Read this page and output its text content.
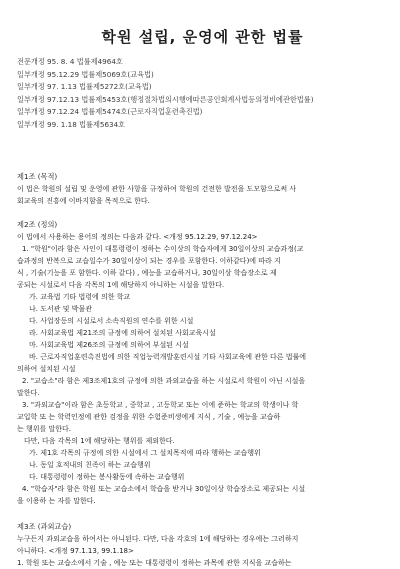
학원 설립, 운영에 관한 법률
전문개정 95. 8. 4 법률제4964호
일부개정 95.12.29 법률제5069호(교육법)
일부개정 97. 1.13 법률제5272호(교육법)
일부개정 97.12.13 법률제5453호(행정절차법의시행에따른공인회계사법등의정비에관한법률)
일부개정 97.12.24 법률제5474호(근로자직업훈련촉진법)
일부개정 99. 1.18 법률제5634호

제1조 (목적)

이 법은 학원의 설립 및 운영에 관한 사항을 규정하여 학원의 건전한 발전을 도모함으로써 사

회교육의 진흥에 이바지함을 목적으로 한다.

제2조 (정의)

이 법에서 사용하는 용어의 정의는 다음과 같다. <개정 95.12.29, 97.12.24>

1. "학원"이라 함은 사인이 대통령령이 정하는 수이상의 학습자에게 30일이상의 교습과정(교

습과정의 반복으로 교습일수가 30일이상이 되는 경우를 포함한다. 이하같다)에 따라 지

식 , 기술(기능을 포 함한다. 이하 같다) , 예능을 교습하거나, 30일이상 학습장소로 제

공되는 시설로서 다음 각목의 1에 해당하지 아니하는 시설을 말한다.

가. 교육법 기타 법령에 의한 학교

나. 도서관 및 박물관

다. 사업장등의 시설로서 소속직원의 연수를 위한 시설

라. 사회교육법 제21조의 규정에 의하여 설치된 사회교육시설

마. 사회교육법 제26조의 규정에 의하여 부설된 시설

바. 근로자직업훈련촉진법에 의한 직업능력개발훈련시설 기타 사회교육에 관한 다른 법률에

의하여 설치된 시설

2. "교습소"라 함은 제3조제1호의 규정에 의한 과외교습을 하는 시설로서 학원이 아닌 시설을

말한다.

3. "과외교습"이라 함은 초등학교 , 중학교 , 고등학교 또는 이에 준하는 학교의 학생이나 학

교입학 또 는 학력인정에 관한 검정을 위한 수험준비생에게 지식 , 기술 , 예능을 교습하

는 행위를 말한다.

다만, 다음 각목의 1에 해당하는 행위를 제외한다.

가. 제1호 각목의 규정에 의한 시설에서 그 설치목적에 따라 행하는 교습행위

나. 동일 호적내의 친족이 하는 교습행위

다. 대통령령이 정하는 봉사활동에 속하는 교습행위

4. "학습자"라 함은 학원 또는 교습소에서 학습을 받거나 30일이상 학습장소로 제공되는 시설

을 이용하 는 자를 말한다.

제3조 (과외교습)

누구든지 과외교습을 하여서는 아니된다. 다만, 다음 각호의 1에 해당하는 경우에는 그러하지

아니하다. <개정 97.1.13, 99.1.18>

1. 학원 또는 교습소에서 기술 , 예능 또는 대통령령이 정하는 과목에 관한 지식을 교습하는
